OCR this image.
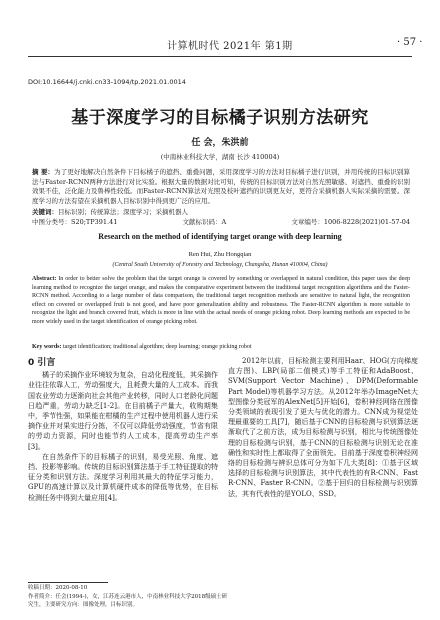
计算机时代 2021年 第1期	· 57 ·
DOI:10.16644/j.cnki.cn33-1094/tp.2021.01.0014
基于深度学习的目标橘子识别方法研究
任 会，朱洪前
(中南林业科技大学，湖南 长沙 410004)
摘 要：为了更好地解决自然条件下目标橘子的遮挡、重叠问题，采用深度学习的方法对目标橘子进行识别，并用传统的目标识别算法与Faster-RCNN两种方法进行对比实验。根据大量的数据对比可知，传统的目标识别方法对自然光照敏感、对遮挡、重叠的识别效果不佳，泛化能力及鲁棒性较低。而Faster-RCNN算法对光照及枝叶遮挡的识别更友好，更符合采摘机器人实际采摘的需要。深度学习的方法有望在采摘机器人目标识别中得到更广泛的应用。
关键词：目标识别；传统算法；深度学习；采摘机器人
中图分类号：S20;TP391.41	文献标识码：A	文章编号：1006-8228(2021)01-57-04
Research on the method of identifying target orange with deep learning
Ren Hui, Zhu Hongqian
(Central South University of Forestry and Technology, Changsha, Hunan 410004, China)
Abstract: In order to better solve the problem that the target orange is covered by something or overlapped in natural condition, this paper uses the deep learning method to recognize the target orange, and makes the comparative experiment between the traditional target recognition algorithms and the Faster-RCNN method. According to a large number of data comparison, the traditional target recognition methods are sensitive to natural light, the recognition effect on covered or overlapped fruit is not good, and have poor generalization ability and robustness. The Faster-RCNN algorithm is more suitable to recognize the light and branch covered fruit, which is more in line with the actual needs of orange picking robot. Deep learning methods are expected to be more widely used in the target identification of orange picking robot.
Key words: target identification; traditional algorithm; deep learning; orange picking robot
0 引言

橘子的采摘作业环境较为复杂，自动化程度低，其采摘作业往往依靠人工，劳动强度大，且耗费大量的人工成本。而我国农业劳动力逐渐向社会其他产业转移，同时人口老龄化问题日趋严重，劳动力缺乏[1-2]。在目前橘子产量大，收购期集中，季节性强，如果能在柑橘的生产过程中使用机器人进行采摘作业并对果实进行分拣，不仅可以降低劳动强度，节省有限的劳动力资源，同时也能节约人工成本，提高劳动生产率[3]。

在自然条件下的目标橘子的识别，易受光照、角度、遮挡、投影等影响。传统的目标识别算法基于手工特征提取的特征分类和识别方法。深度学习利用其最大的特征学习能力，GPU的高速计算以及计算机硬件成本的降低等优势，在目标检测任务中得到大量应用[4]。

2012年以前，目标检测主要利用Haar、HOG(方向梯度直方图)、LBP(局部二值模式)等手工特征和AdaBoost、SVM(Support Vector Machine)、DPM(Deformable Part Model)等机器学习方法。从2012年举办ImageNet大型图像分类冠军的AlexNet[5]开始[6]，卷积神经网络在图像分类领域的表现引发了更大与优化的潜力。CNN成为视觉处理最重要的工具[7]，随后基于CNN的目标检测与识别算法逐渐取代了之前方法，成为目标检测与识别，相比与传统图像处理的目标检测与识别，基于CNN的目标检测与识别无论在准确性和实时性上都取得了全面领先。目前基于深度卷积神经网络的目标检测与辨识总体可分为如下几大类[8]：①基于区域选择的目标检测与识别算法，其中代表性的有R-CNN、Fast R-CNN、Faster R-CNN。②基于回归的目标检测与识别算法，其有代表性的是YOLO、SSD。

收稿日期：2020-08-10
作者简介：任会(1994-)，女，江苏连云港市人，中南林业科技大学2018级硕士研究生，主要研究方向：图像处理，目标识别。
